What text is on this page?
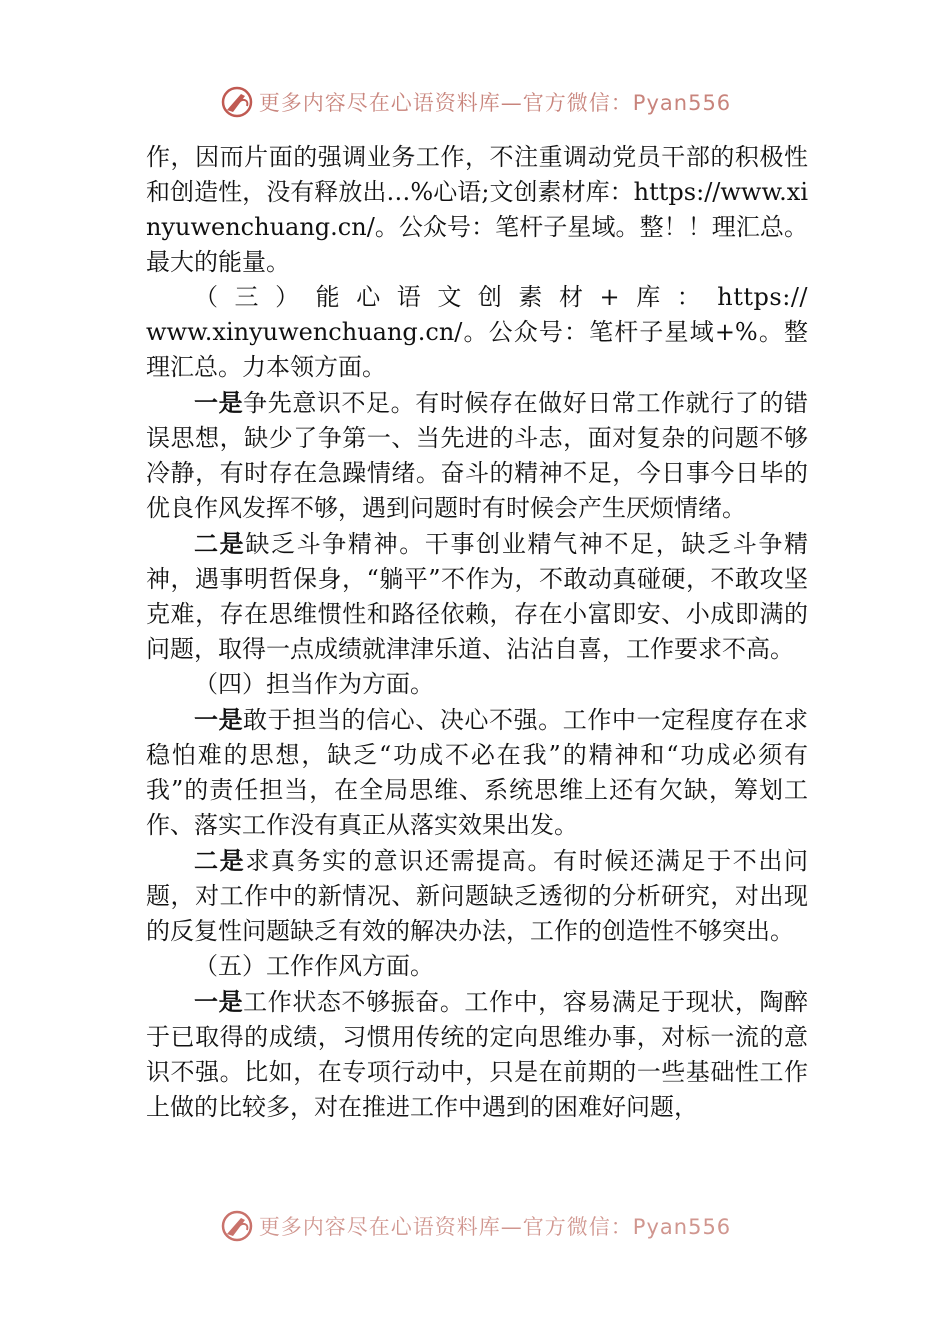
更多内容尽在心语资料库—官方微信：Pyan556

作，因而片面的强调业务工作，不注重调动党员干部的积极性和创造性，没有释放出…%心语;文创素材库：https://www.xinyuwenchuang.cn/。公众号：笔杆子星域。整！！理汇总。最大的能量。

（三）能心语文创素材+库：https://

www.xinyuwenchuang.cn/。公众号：笔杆子星域+%。整理汇总。力本领方面。

一是争先意识不足。有时候存在做好日常工作就行了的错误思想，缺少了争第一、当先进的斗志，面对复杂的问题不够冷静，有时存在急躁情绪。奋斗的精神不足，今日事今日毕的优良作风发挥不够，遇到问题时有时候会产生厌烦情绪。

二是缺乏斗争精神。干事创业精气神不足，缺乏斗争精神，遇事明哲保身，“躺平”不作为，不敢动真碰硬，不敢攻坚克难，存在思维惯性和路径依赖，存在小富即安、小成即满的问题，取得一点成绩就津津乐道、沾沾自喜，工作要求不高。

（四）担当作为方面。

一是敢于担当的信心、决心不强。工作中一定程度存在求稳怕难的思想，缺乏“功成不必在我”的精神和“功成必须有我”的责任担当，在全局思维、系统思维上还有欠缺，筹划工作、落实工作没有真正从落实效果出发。

二是求真务实的意识还需提高。有时候还满足于不出问题，对工作中的新情况、新问题缺乏透彻的分析研究，对出现的反复性问题缺乏有效的解决办法，工作的创造性不够突出。

（五）工作作风方面。

一是工作状态不够振奋。工作中，容易满足于现状，陶醉于已取得的成绩，习惯用传统的定向思维办事，对标一流的意识不强。比如，在专项行动中，只是在前期的一些基础性工作上做的比较多，对在推进工作中遇到的困难好问题，

更多内容尽在心语资料库—官方微信：Pyan556
